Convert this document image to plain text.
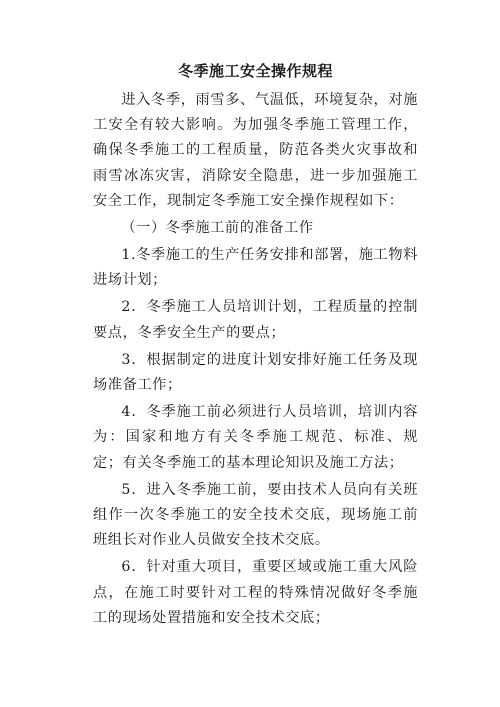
冬季施工安全操作规程

进入冬季，雨雪多、气温低，环境复杂，对施工安全有较大影响。为加强冬季施工管理工作，确保冬季施工的工程质量，防范各类火灾事故和雨雪冰冻灾害，消除安全隐患，进一步加强施工安全工作，现制定冬季施工安全操作规程如下：

（一）冬季施工前的准备工作

1.冬季施工的生产任务安排和部署，施工物料进场计划；

2．冬季施工人员培训计划，工程质量的控制要点，冬季安全生产的要点；

3．根据制定的进度计划安排好施工任务及现场准备工作；

4．冬季施工前必须进行人员培训，培训内容为：国家和地方有关冬季施工规范、标准、规定；有关冬季施工的基本理论知识及施工方法；

5．进入冬季施工前，要由技术人员向有关班组作一次冬季施工的安全技术交底，现场施工前班组长对作业人员做安全技术交底。

6．针对重大项目，重要区域或施工重大风险点，在施工时要针对工程的特殊情况做好冬季施工的现场处置措施和安全技术交底；
